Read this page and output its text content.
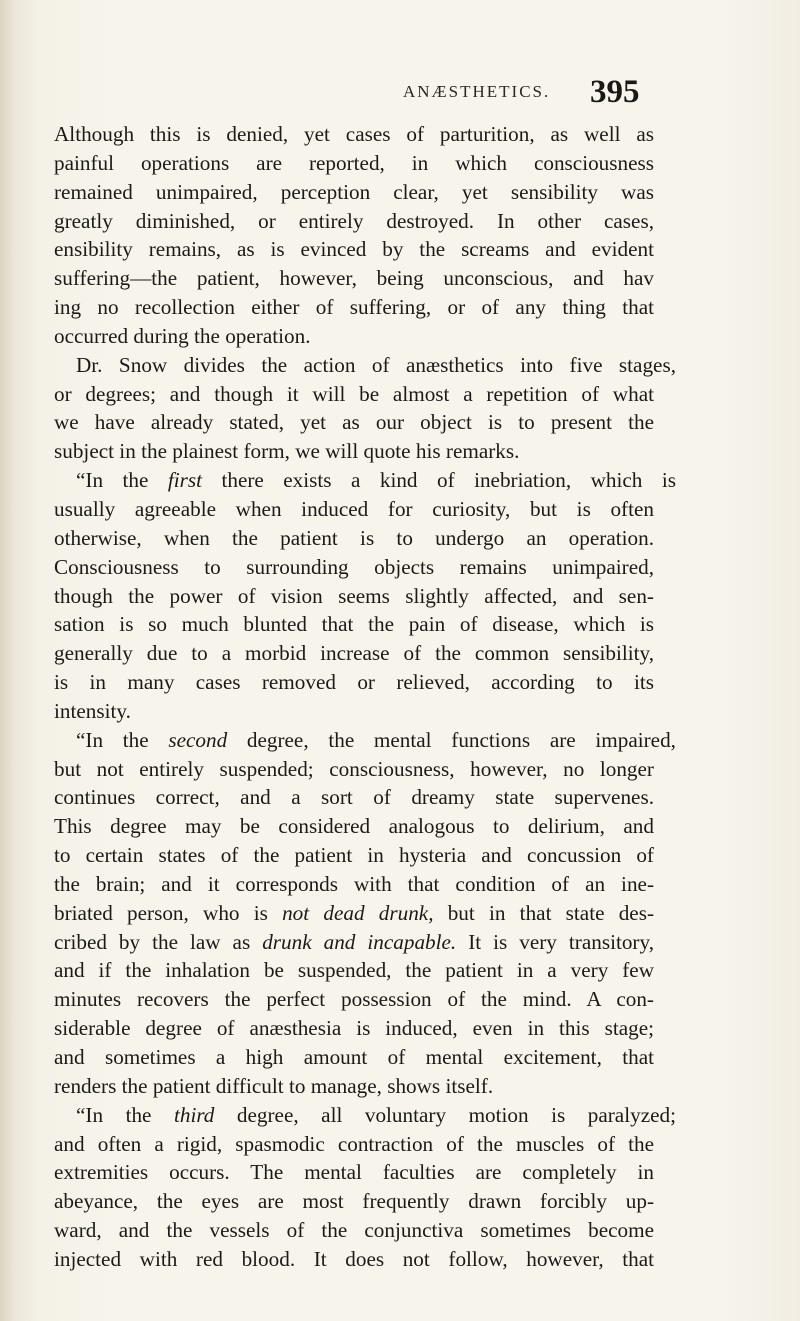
ANÆSTHETICS. 395
Although this is denied, yet cases of parturition, as well as
painful operations are reported, in which consciousness
remained unimpaired, perception clear, yet sensibility was
greatly diminished, or entirely destroyed. In other cases,
ensibility remains, as is evinced by the screams and evident
suffering—the patient, however, being unconscious, and hav
ing no recollection either of suffering, or of any thing that
occurred during the operation.
Dr. Snow divides the action of anæsthetics into five stages,
or degrees; and though it will be almost a repetition of what
we have already stated, yet as our object is to present the
subject in the plainest form, we will quote his remarks.
“In the first there exists a kind of inebriation, which is
usually agreeable when induced for curiosity, but is often
otherwise, when the patient is to undergo an operation.
Consciousness to surrounding objects remains unimpaired,
though the power of vision seems slightly affected, and sen-
sation is so much blunted that the pain of disease, which is
generally due to a morbid increase of the common sensibility,
is in many cases removed or relieved, according to its
intensity.
“In the second degree, the mental functions are impaired,
but not entirely suspended; consciousness, however, no longer
continues correct, and a sort of dreamy state supervenes.
This degree may be considered analogous to delirium, and
to certain states of the patient in hysteria and concussion of
the brain; and it corresponds with that condition of an ine-
briated person, who is not dead drunk, but in that state des-
cribed by the law as drunk and incapable. It is very transitory,
and if the inhalation be suspended, the patient in a very few
minutes recovers the perfect possession of the mind. A con-
siderable degree of anæsthesia is induced, even in this stage;
and sometimes a high amount of mental excitement, that
renders the patient difficult to manage, shows itself.
“In the third degree, all voluntary motion is paralyzed;
and often a rigid, spasmodic contraction of the muscles of the
extremities occurs. The mental faculties are completely in
abeyance, the eyes are most frequently drawn forcibly up-
ward, and the vessels of the conjunctiva sometimes become
injected with red blood. It does not follow, however, that
